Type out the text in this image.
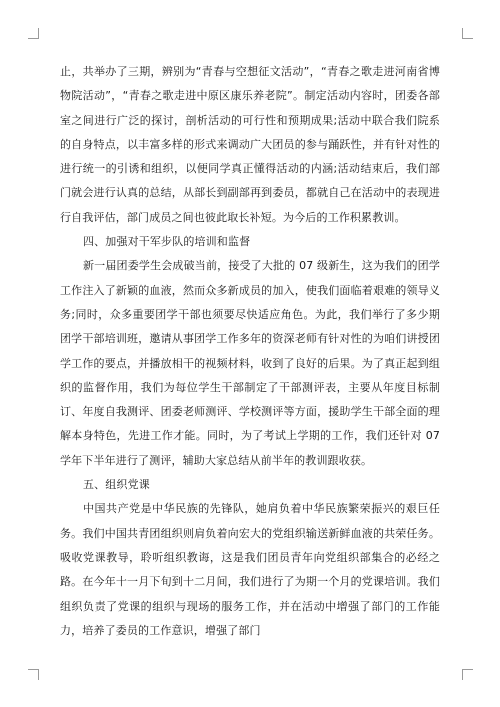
止，共举办了三期，辨别为“青春与空想征文活动”，“青春之歌走进河南省博物院活动”，“青春之歌走进中原区康乐养老院”。制定活动内容时，团委各部室之间进行广泛的探讨，剖析活动的可行性和预期成果;活动中联合我们院系的自身特点，以丰富多样的形式来调动广大团员的参与踊跃性，并有针对性的进行统一的引诱和组织，以便同学真正懂得活动的内涵;活动结束后，我们部门就会进行认真的总结，从部长到副部再到委员，都就自己在活动中的表现进行自我评估，部门成员之间也彼此取长补短。为今后的工作积累教训。

四、加强对干军步队的培训和监督

新一届团委学生会成破当前，接受了大批的 07 级新生，这为我们的团学工作注入了新颖的血液，然而众多新成员的加入，使我们面临着艰难的领导义务;同时，众多重要团学干部也须要尽快适应角色。为此，我们举行了多少期团学干部培训班，邀请从事团学工作多年的资深老师有针对性的为咱们讲授团学工作的要点，并播放相干的视频材料，收到了良好的后果。为了真正起到组织的监督作用，我们为每位学生干部制定了干部测评表，主要从年度目标制订、年度自我测评、团委老师测评、学校测评等方面，援助学生干部全面的理解本身特色，先进工作才能。同时，为了考试上学期的工作，我们还针对 07 学年下半年进行了测评，辅助大家总结从前半年的教训跟收获。

五、组织党课

中国共产党是中华民族的先锋队，她肩负着中华民族繁荣振兴的艰巨任务。我们中国共青团组织则肩负着向宏大的党组织输送新鲜血液的共荣任务。吸收党课教导，聆听组织教诲，这是我们团员青年向党组织部集合的必经之路。在今年十一月下旬到十二月间，我们进行了为期一个月的党课培训。我们组织负责了党课的组织与现场的服务工作，并在活动中增强了部门的工作能力，培养了委员的工作意识，增强了部门
